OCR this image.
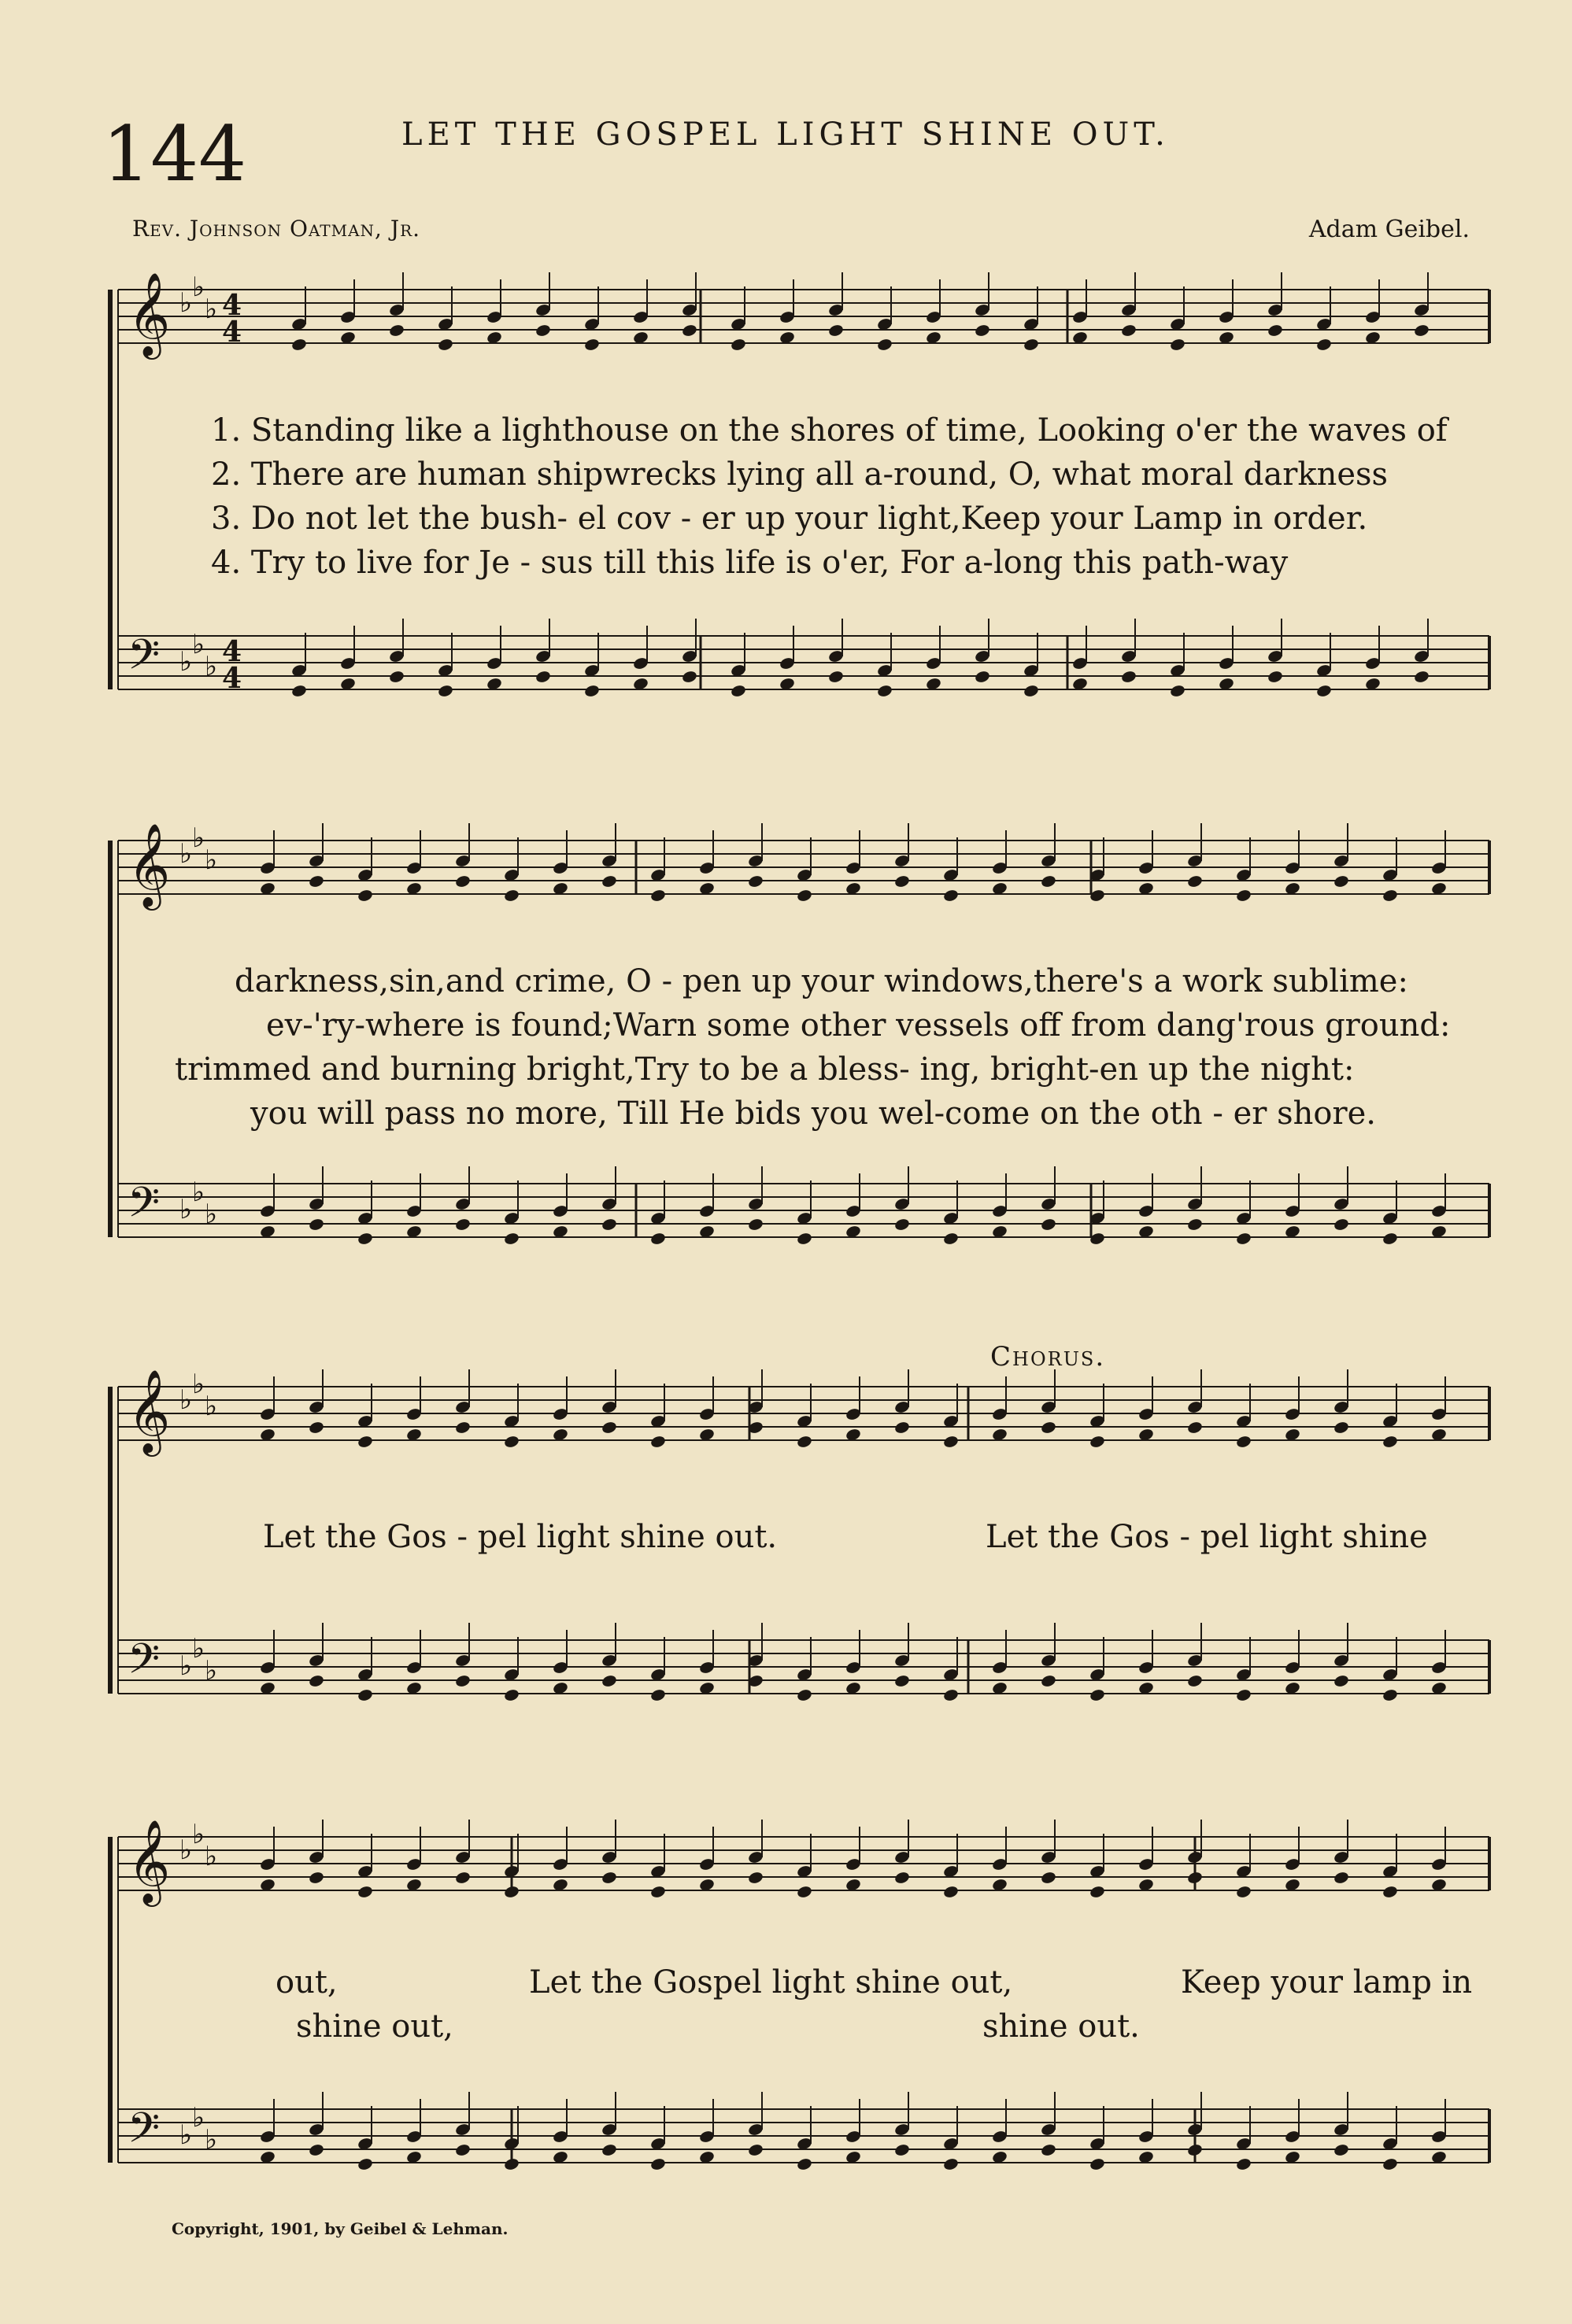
144	LET THE GOSPEL LIGHT SHINE OUT.
Rev. Johnson Oatman, Jr.	Adam Geibel.
𝄞 ♭ ♭
♭ 4
4
𝄢 ♭
♭
♭ 4
4
𝄞 ♭ ♭
♭
𝄢 ♭
♭
♭
𝄞 ♭ ♭
♭
𝄢 ♭
♭
♭
𝄞 ♭ ♭
♭
𝄢 ♭
♭
♭
1. Standing like a lighthouse on the shores of time, Looking o'er the waves of
2. There are human shipwrecks lying all a-round, O, what moral darkness
3. Do not let the bush- el cov - er up your light,Keep your Lamp in order.
4. Try to live for Je - sus till this life is o'er, For a-long this path-way
darkness,sin,and crime, O - pen up your windows,there's a work sublime:
ev-'ry-where is found;Warn some other vessels off from dang'rous ground:
trimmed and burning bright,Try to be a bless- ing, bright-en up the night:
you will pass no more, Till He bids you wel-come on the oth - er shore.
Let the Gos - pel light shine out.
Chorus.
Let the Gos - pel light shine
out,	Let the Gospel light shine out,	Keep your lamp in
shine out,	shine out.
Copyright, 1901, by Geibel & Lehman.
